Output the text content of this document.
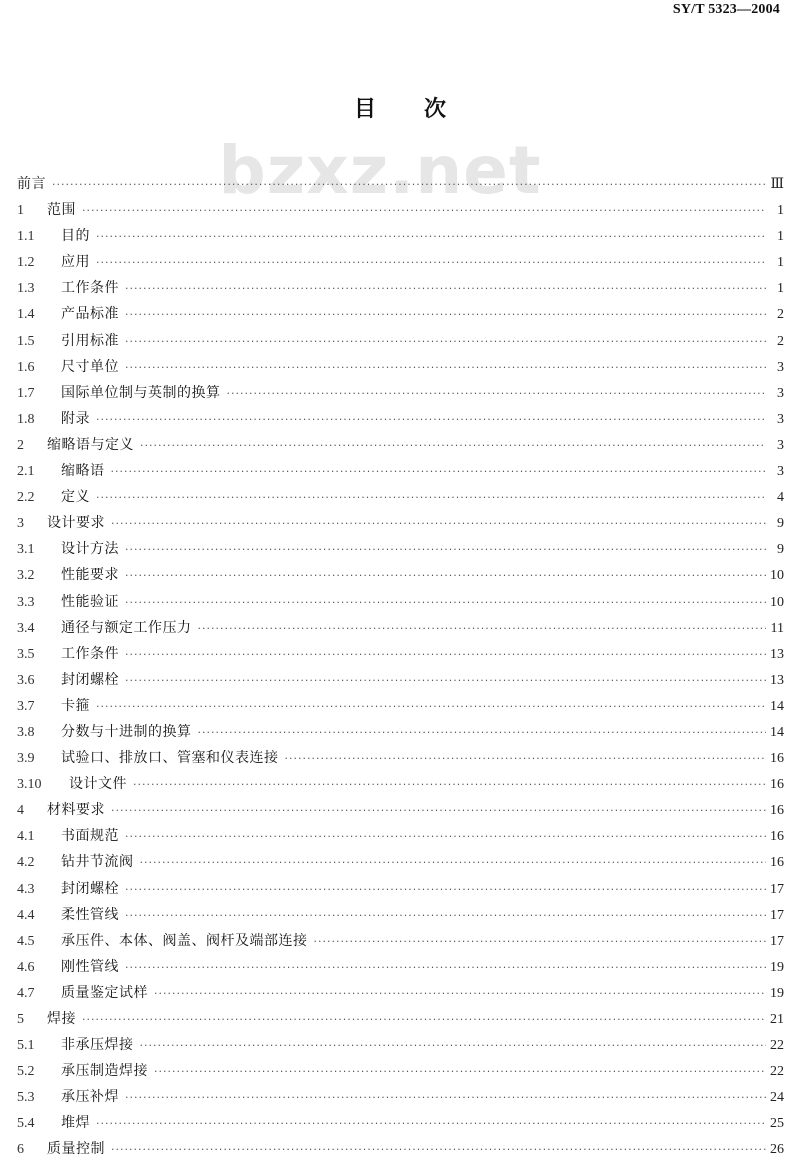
SY/T 5323—2004
目次
bzxz.net
前言 ·····	Ⅲ
1	范围 ·····	1
1.1	目的 ·····	1
1.2	应用 ·····	1
1.3	工作条件 ·····	1
1.4	产品标准 ·····	2
1.5	引用标准 ·····	2
1.6	尺寸单位 ·····	3
1.7	国际单位制与英制的换算 ·····	3
1.8	附录 ·····	3
2	缩略语与定义 ·····	3
2.1	缩略语 ·····	3
2.2	定义 ·····	4
3	设计要求 ·····	9
3.1	设计方法 ·····	9
3.2	性能要求 ·····	10
3.3	性能验证 ·····	10
3.4	通径与额定工作压力 ·····	11
3.5	工作条件 ·····	13
3.6	封闭螺栓 ·····	13
3.7	卡箍 ·····	14
3.8	分数与十进制的换算 ·····	14
3.9	试验口、排放口、管塞和仪表连接 ·····	16
3.10	设计文件 ·····	16
4	材料要求 ·····	16
4.1	书面规范 ·····	16
4.2	钻井节流阀 ·····	16
4.3	封闭螺栓 ·····	17
4.4	柔性管线 ·····	17
4.5	承压件、本体、阀盖、阀杆及端部连接 ·····	17
4.6	刚性管线 ·····	19
4.7	质量鉴定试样 ·····	19
5	焊接 ·····	21
5.1	非承压焊接 ·····	22
5.2	承压制造焊接 ·····	22
5.3	承压补焊 ·····	24
5.4	堆焊 ·····	25
6	质量控制 ·····	26
